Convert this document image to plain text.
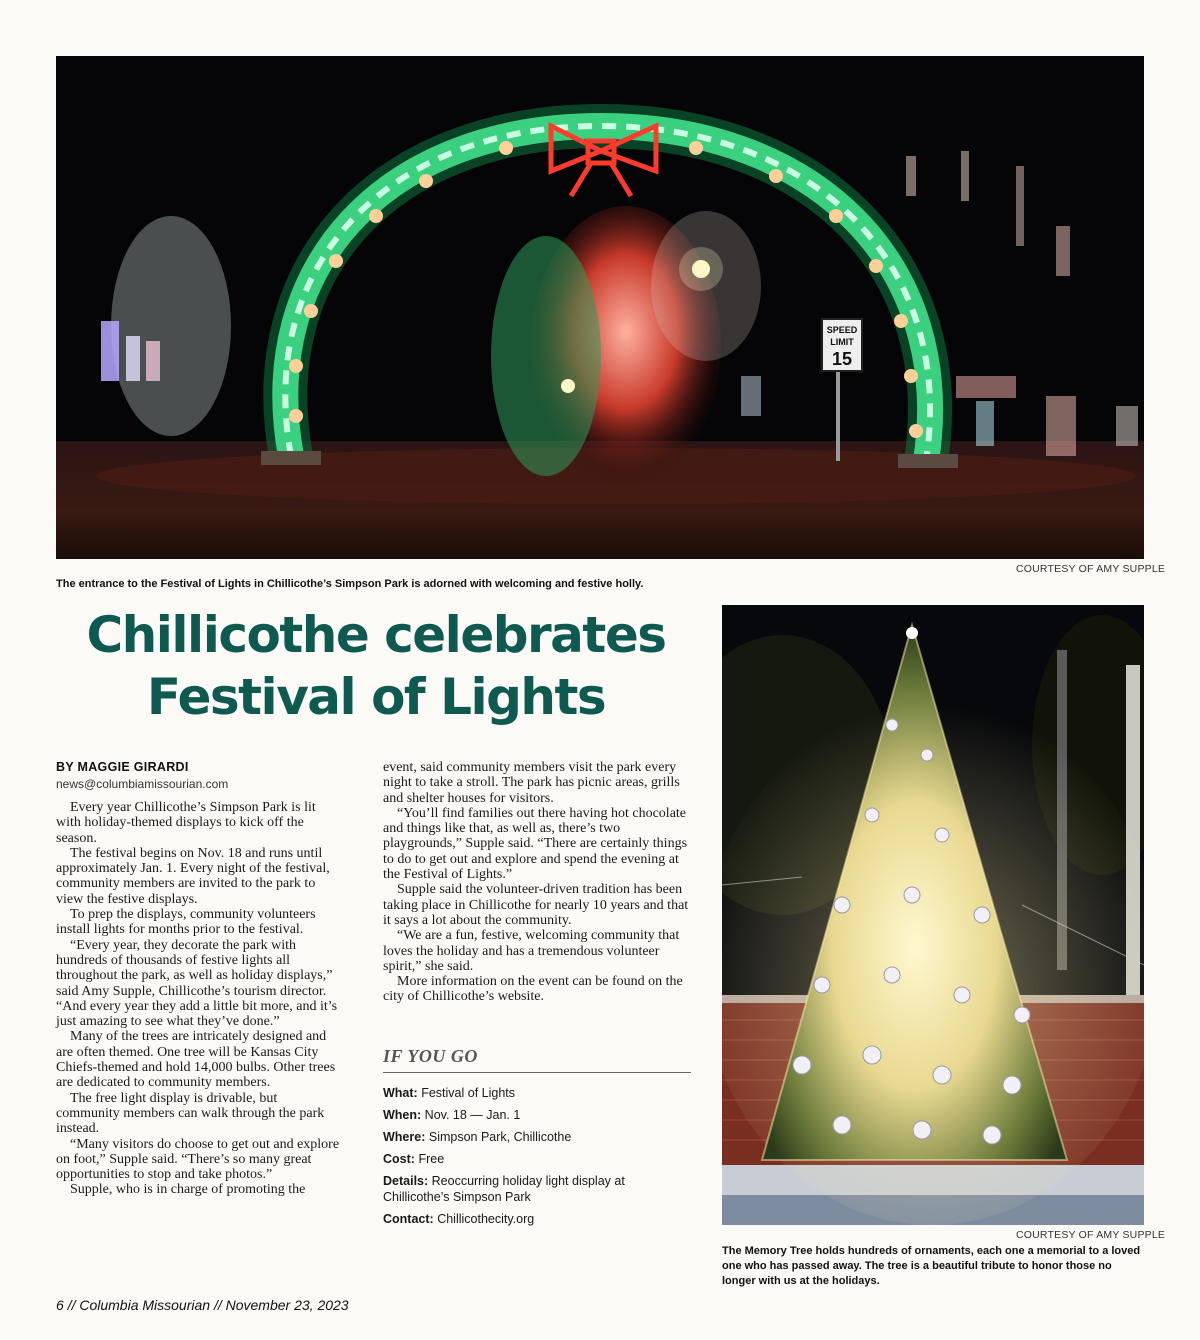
SPEED
LIMIT
15
COURTESY OF AMY SUPPLE
The entrance to the Festival of Lights in Chillicothe’s Simpson Park is adorned with welcoming and festive holly.
Chillicothe celebrates
Festival of Lights
BY MAGGIE GIRARDI
news@columbiamissourian.com

Every year Chillicothe’s Simpson Park is lit with holiday-themed displays to kick off the season.

The festival begins on Nov. 18 and runs until approximately Jan. 1. Every night of the festival, community members are invited to the park to view the festive displays.

To prep the displays, community volunteers install lights for months prior to the festival.

“Every year, they decorate the park with hundreds of thousands of festive lights all throughout the park, as well as holiday displays,” said Amy Supple, Chillicothe’s tourism director. “And every year they add a little bit more, and it’s just amazing to see what they’ve done.”

Many of the trees are intricately designed and are often themed. One tree will be Kansas City Chiefs-themed and hold 14,000 bulbs. Other trees are dedicated to community members.

The free light display is drivable, but community members can walk through the park instead.

“Many visitors do choose to get out and explore on foot,” Supple said. “There’s so many great opportunities to stop and take photos.”

Supple, who is in charge of promoting the

event, said community members visit the park every night to take a stroll. The park has picnic areas, grills and shelter houses for visitors.

“You’ll find families out there having hot chocolate and things like that, as well as, there’s two playgrounds,” Supple said. “There are certainly things to do to get out and explore and spend the evening at the Festival of Lights.”

Supple said the volunteer-driven tradition has been taking place in Chillicothe for nearly 10 years and that it says a lot about the community.

“We are a fun, festive, welcoming community that loves the holiday and has a tremendous volunteer spirit,” she said.

More information on the event can be found on the city of Chillicothe’s website.

IF YOU GO
What: Festival of Lights
When: Nov. 18 — Jan. 1
Where: Simpson Park, Chillicothe
Cost: Free
Details: Reoccurring holiday light display at Chillicothe’s Simpson Park
Contact: Chillicothecity.org
COURTESY OF AMY SUPPLE
The Memory Tree holds hundreds of ornaments, each one a memorial to a loved one who has passed away. The tree is a beautiful tribute to honor those no longer with us at the holidays.
6 // Columbia Missourian // November 23, 2023
